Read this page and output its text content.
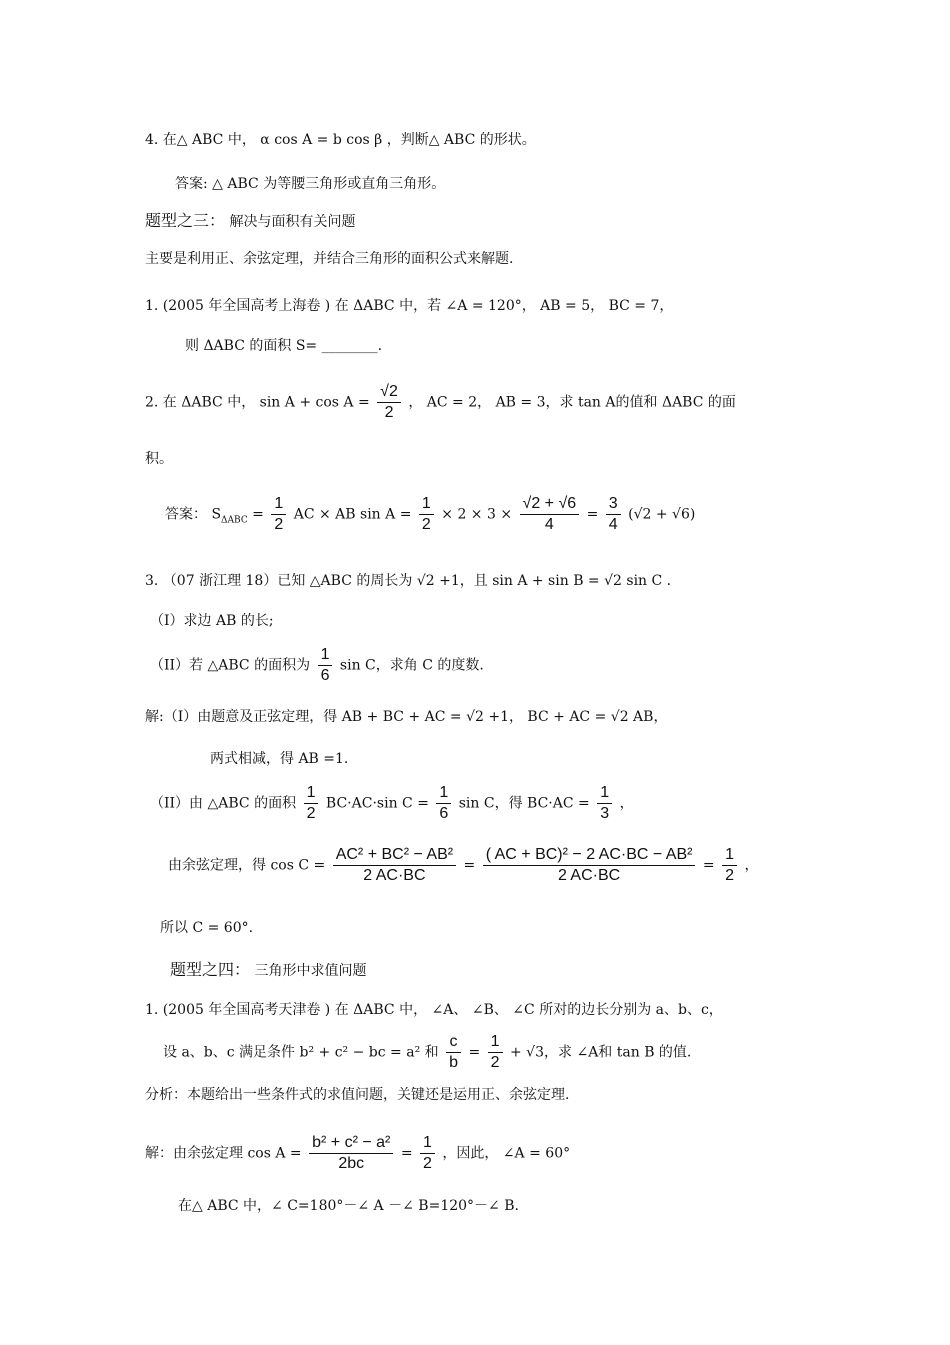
4. 在△ ABC 中， α cos A = b cos β ，判断△ ABC 的形状。
答案: △ ABC 为等腰三角形或直角三角形。
题型之三： 解决与面积有关问题
主要是利用正、余弦定理，并结合三角形的面积公式来解题.
1. (2005 年全国高考上海卷 ) 在 ΔABC 中，若 ∠A = 120°， AB = 5， BC = 7，
则 ΔABC 的面积 S= ________.
2. 在 ΔABC 中， $\sin A + \cos A = \frac{√2}{2}$ ， AC = 2， AB = 3，求 tan A的值和 ΔABC 的面
积。
答案： $S_{\Delta ABC} = \frac{1}{2}$ AC × AB $\sin A = \frac{1}{2} \times 2 \times 3 \times \frac{√2 + √6}{4} = \frac{3}{4} (√2 + √6)$
3. （07 浙江理 18）已知 △ABC 的周长为 √2 +1，且 sin A + sin B = √2 sin C .
（I）求边 AB 的长;
（II）若 △ABC 的面积为 $\frac{1}{6}$ sin C，求角 C 的度数.
解:（I）由题意及正弦定理，得 AB + BC + AC = √2 +1， BC + AC = √2 AB，
两式相减，得 AB =1.
（II）由 △ABC 的面积 $\frac{1}{2} BC\cdot AC\cdot\sin$ $C = \frac{1}{6}$ sin C，得 $BC\cdot AC = \frac{1}{3}$ ，
由余弦定理，得 $\cos C = \frac{\text{AC² + BC² − AB²}}{2 AC\cdot BC} = \frac{\text{( AC + BC)² − 2 AC·BC − AB²}}{2 AC\cdot BC} = \frac{1}{2}$ ，
所以 C = 60°.
题型之四： 三角形中求值问题
1. (2005 年全国高考天津卷 ) 在 ΔABC 中， ∠A、 ∠B、 ∠C 所对的边长分别为 a、b、c，
设 a、b、c 满足条件 b² + c² − bc = a² 和 $\frac{c}{b} = \frac{1}{2} + √3$，求 ∠A和 tan B 的值.
分析：本题给出一些条件式的求值问题，关键还是运用正、余弦定理.
解：由余弦定理 $\cos A = \frac{\text{b² + c² − a²}}{2bc} = \frac{1}{2}$ ，因此， ∠A = 60°
在△ ABC 中，∠ C=180°－∠ A －∠ B=120°－∠ B.
